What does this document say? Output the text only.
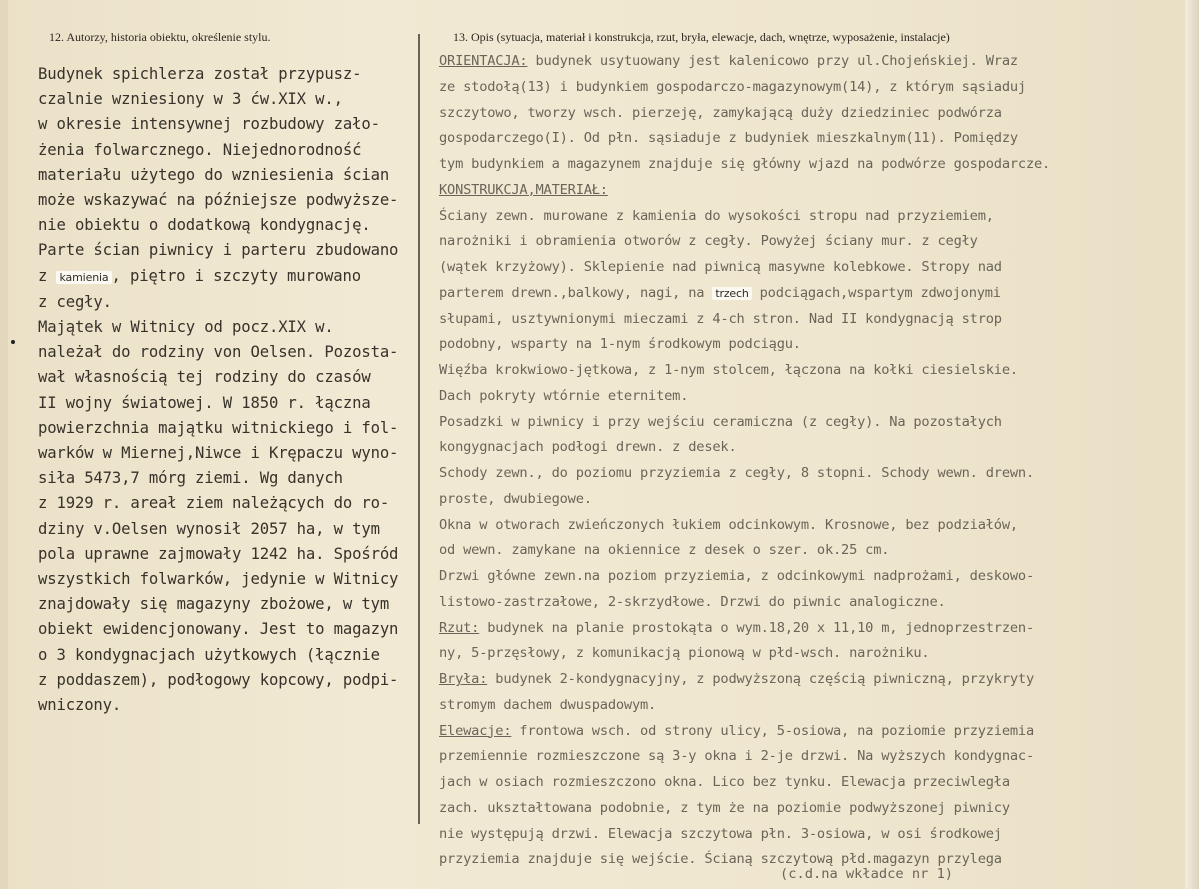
12. Autorzy, historia obiektu, określenie stylu.	13. Opis (sytuacja, materiał i konstrukcja, rzut, bryła, elewacje, dach, wnętrze, wyposażenie, instalacje)
Budynek spichlerza został przypusz-
czalnie wzniesiony w 3 ćw.XIX w.,
w okresie intensywnej rozbudowy zało-
żenia folwarcznego. Niejednorodność
materiału użytego do wzniesienia ścian
może wskazywać na późniejsze podwyższe-
nie obiektu o dodatkową kondygnację.
Parte ścian piwnicy i parteru zbudowano
z kamienia , piętro i szczyty murowano
z cegły.
Majątek w Witnicy od pocz.XIX w.
należał do rodziny von Oelsen. Pozosta-
wał własnością tej rodziny do czasów
II wojny światowej. W 1850 r. łączna
powierzchnia majątku witnickiego i fol-
warków w Miernej,Niwce i Krępaczu wyno-
siła 5473,7 mórg ziemi. Wg danych
z 1929 r. areał ziem należących do ro-
dziny v.Oelsen wynosił 2057 ha, w tym
pola uprawne zajmowały 1242 ha. Spośród
wszystkich folwarków, jedynie w Witnicy
znajdowały się magazyny zbożowe, w tym
obiekt ewidencjonowany. Jest to magazyn
o 3 kondygnacjach użytkowych (łącznie
z poddaszem), podłogowy kopcowy, podpi-
wniczony.
ORIENTACJA: budynek usytuowany jest kalenicowo przy ul.Chojeńskiej. Wraz
ze stodołą(13) i budynkiem gospodarczo-magazynowym(14), z którym sąsiaduj
szczytowo, tworzy wsch. pierzeję, zamykającą duży dziedziniec podwórza
gospodarczego(I). Od płn. sąsiaduje z budyniek mieszkalnym(11). Pomiędzy
tym budynkiem a magazynem znajduje się główny wjazd na podwórze gospodarcze.
KONSTRUKCJA,MATERIAŁ:
Ściany zewn. murowane z kamienia do wysokości stropu nad przyziemiem,
narożniki i obramienia otworów z cegły. Powyżej ściany mur. z cegły
(wątek krzyżowy). Sklepienie nad piwnicą masywne kolebkowe. Stropy nad
parterem drewn.,balkowy, nagi, na trzech podciągach,wspartym zdwojonymi
słupami, usztywnionymi mieczami z 4-ch stron. Nad II kondygnacją strop
podobny, wsparty na 1-nym środkowym podciągu.
Więźba krokwiowo-jętkowa, z 1-nym stolcem, łączona na kołki ciesielskie.
Dach pokryty wtórnie eternitem.
Posadzki w piwnicy i przy wejściu ceramiczna (z cegły). Na pozostałych
kongygnacjach podłogi drewn. z desek.
Schody zewn., do poziomu przyziemia z cegły, 8 stopni. Schody wewn. drewn.
proste, dwubiegowe.
Okna w otworach zwieńczonych łukiem odcinkowym. Krosnowe, bez podziałów,
od wewn. zamykane na okiennice z desek o szer. ok.25 cm.
Drzwi główne zewn.na poziom przyziemia, z odcinkowymi nadprożami, deskowo-
listowo-zastrzałowe, 2-skrzydłowe. Drzwi do piwnic analogiczne.
Rzut: budynek na planie prostokąta o wym.18,20 x 11,10 m, jednoprzestrzen-
ny, 5-przęsłowy, z komunikacją pionową w płd-wsch. narożniku.
Bryła: budynek 2-kondygnacyjny, z podwyższoną częścią piwniczną, przykryty
stromym dachem dwuspadowym.
Elewacje: frontowa wsch. od strony ulicy, 5-osiowa, na poziomie przyziemia
przemiennie rozmieszczone są 3-y okna i 2-je drzwi. Na wyższych kondygnac-
jach w osiach rozmieszczono okna. Lico bez tynku. Elewacja przeciwległa
zach. ukształtowana podobnie, z tym że na poziomie podwyższonej piwnicy
nie występują drzwi. Elewacja szczytowa płn. 3-osiowa, w osi środkowej
przyziemia znajduje się wejście. Ścianą szczytową płd.magazyn przylega
(c.d.na wkładce nr 1)
